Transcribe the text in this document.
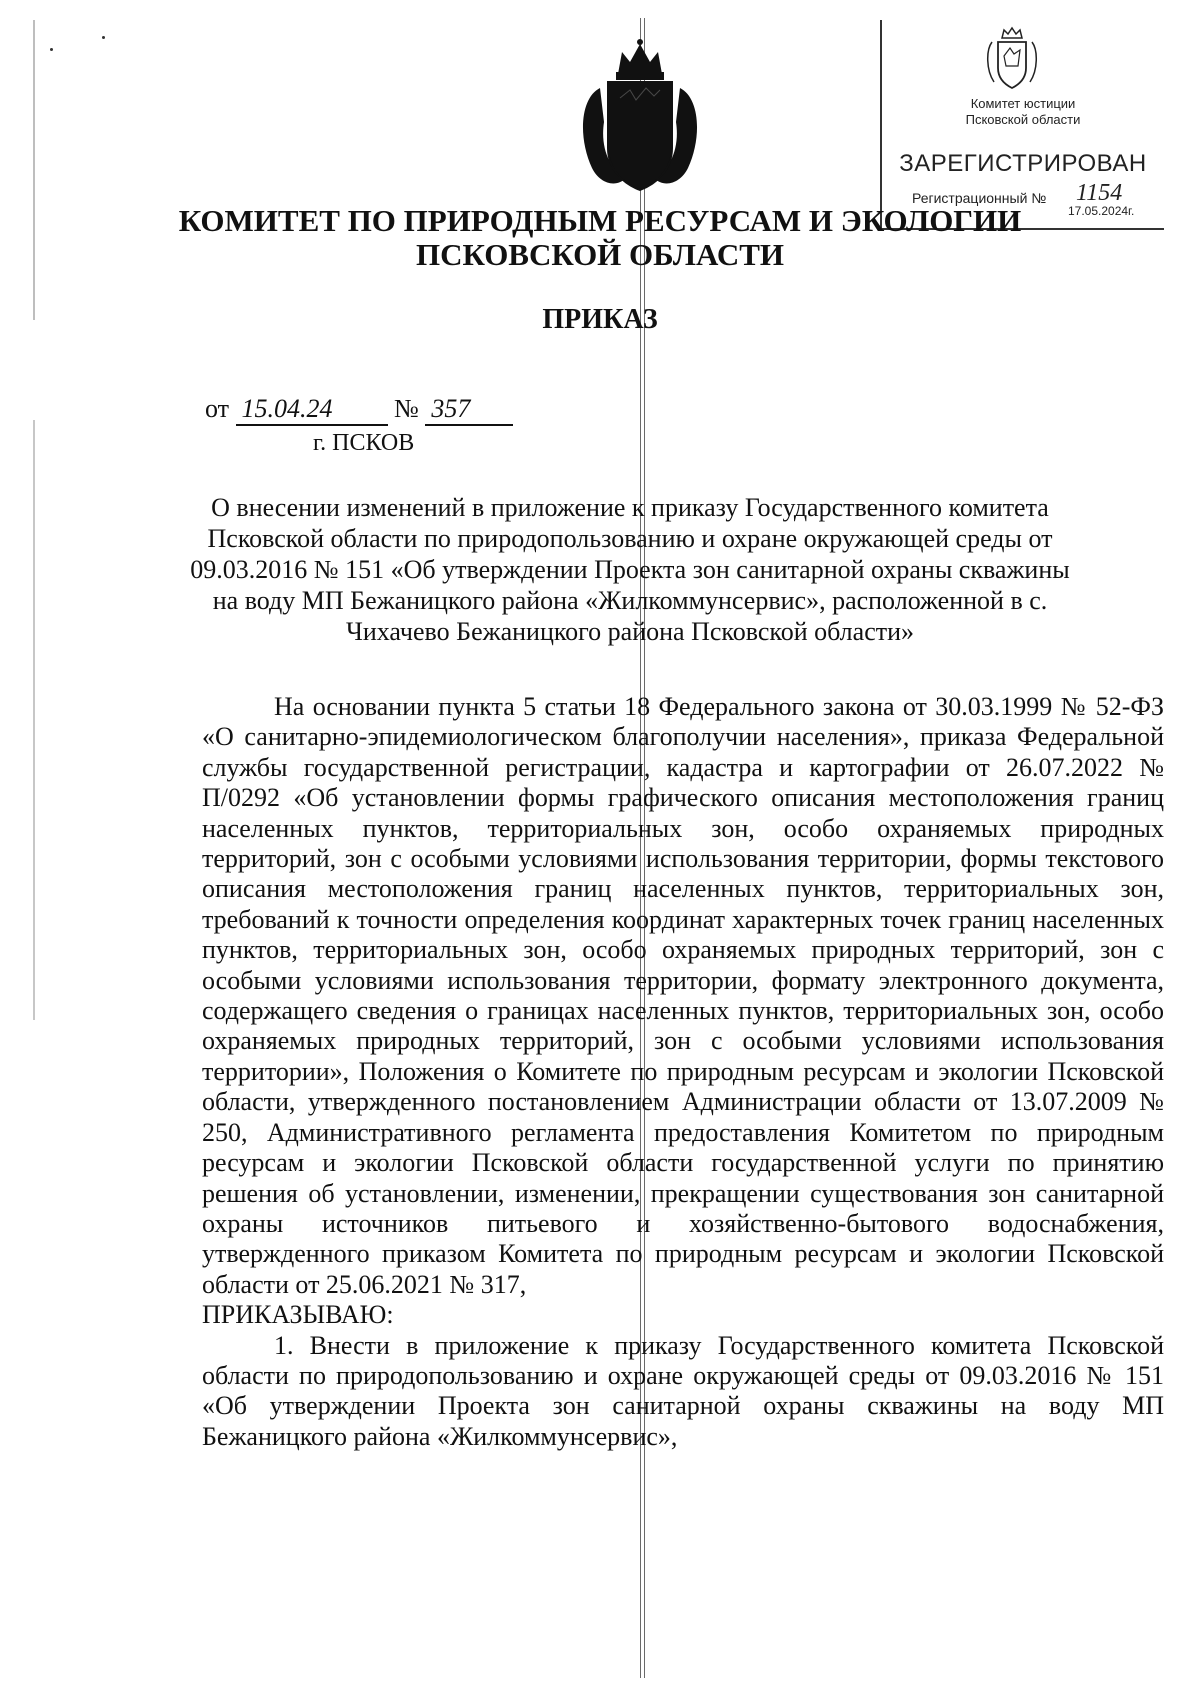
Комитет юстиции
Псковской области
ЗАРЕГИСТРИРОВАН
Регистрационный № 1154
17.05.2024г.
КОМИТЕТ ПО ПРИРОДНЫМ РЕСУРСАМ И ЭКОЛОГИИ
ПСКОВСКОЙ ОБЛАСТИ
ПРИКАЗ
от 15.04.24 № 357
г. ПСКОВ
О внесении изменений в приложение к приказу Государственного комитета Псковской области по природопользованию и охране окружающей среды от 09.03.2016 № 151 «Об утверждении Проекта зон санитарной охраны скважины на воду МП Бежаницкого района «Жилкоммунсервис», расположенной в с. Чихачево Бежаницкого района Псковской области»

На основании пункта 5 статьи 18 Федерального закона от 30.03.1999 № 52-ФЗ «О санитарно-эпидемиологическом благополучии населения», приказа Федеральной службы государственной регистрации, кадастра и картографии от 26.07.2022 № П/0292 «Об установлении формы графического описания местоположения границ населенных пунктов, территориальных зон, особо охраняемых природных территорий, зон с особыми условиями использования территории, формы текстового описания местоположения границ населенных пунктов, территориальных зон, требований к точности определения координат характерных точек границ населенных пунктов, территориальных зон, особо охраняемых природных территорий, зон с особыми условиями использования территории, формату электронного документа, содержащего сведения о границах населенных пунктов, территориальных зон, особо охраняемых природных территорий, зон с особыми условиями использования территории», Положения о Комитете по природным ресурсам и экологии Псковской области, утвержденного постановлением Администрации области от 13.07.2009 № 250, Административного регламента предоставления Комитетом по природным ресурсам и экологии Псковской области государственной услуги по принятию решения об установлении, изменении, прекращении существования зон санитарной охраны источников питьевого и хозяйственно-бытового водоснабжения, утвержденного приказом Комитета по природным ресурсам и экологии Псковской области от 25.06.2021 № 317,

ПРИКАЗЫВАЮ:

1. Внести в приложение к приказу Государственного комитета Псковской области по природопользованию и охране окружающей среды от 09.03.2016 № 151 «Об утверждении Проекта зон санитарной охраны скважины на воду МП Бежаницкого района «Жилкоммунсервис»,
